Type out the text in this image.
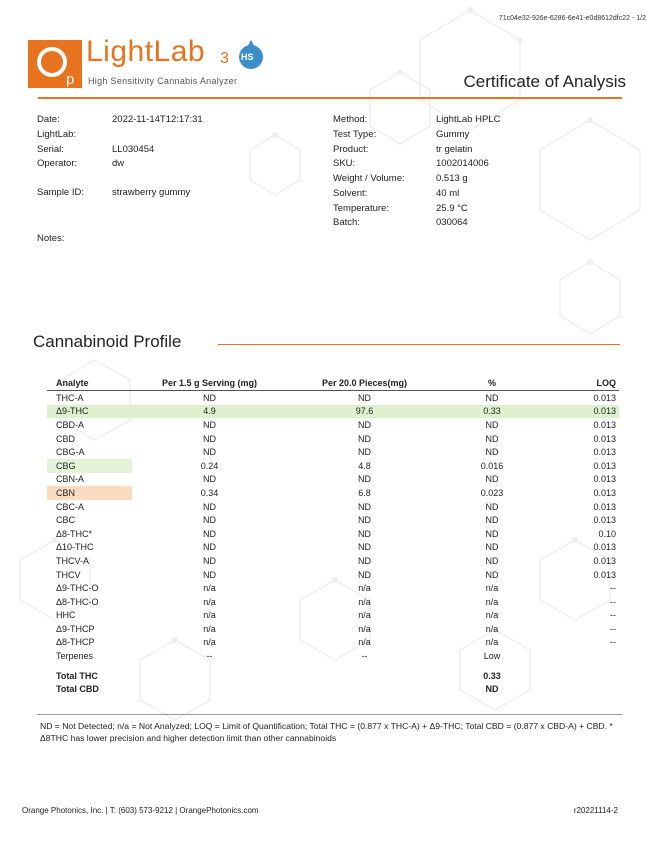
71c04e32-926e-6286-6e41-e0d8612dfc22 - 1/2
p
LightLab 3 HS
High Sensitivity Cannabis Analyzer	Certificate of Analysis
Date:	2022-11-14T12:17:31
LightLab:
Serial:	LL030454
Operator:	dw
Sample ID:	strawberry gummy
Notes:
Method:	LightLab HPLC
Test Type:	Gummy
Product:	tr gelatin
SKU:	1002014006
Weight / Volume:	0.513 g
Solvent:	40 ml
Temperature:	25.9 °C
Batch:	030064
Cannabinoid Profile
Analyte	Per 1.5 g Serving (mg)	Per 20.0 Pieces(mg)	%	LOQ
THC-A	ND	ND	ND	0.013
Δ9-THC	4.9	97.6	0.33	0.013
CBD-A	ND	ND	ND	0.013
CBD	ND	ND	ND	0.013
CBG-A	ND	ND	ND	0.013
CBG	0.24	4.8	0.016	0.013
CBN-A	ND	ND	ND	0.013
CBN	0.34	6.8	0.023	0.013
CBC-A	ND	ND	ND	0.013
CBC	ND	ND	ND	0.013
Δ8-THC*	ND	ND	ND	0.10
Δ10-THC	ND	ND	ND	0.013
THCV-A	ND	ND	ND	0.013
THCV	ND	ND	ND	0.013
Δ9-THC-O	n/a	n/a	n/a	--
Δ8-THC-O	n/a	n/a	n/a	--
HHC	n/a	n/a	n/a	--
Δ9-THCP	n/a	n/a	n/a	--
Δ8-THCP	n/a	n/a	n/a	--
Terpenes	--	--	Low	

Total THC			0.33	
Total CBD			ND	
ND = Not Detected; n/a = Not Analyzed; LOQ = Limit of Quantification; Total THC = (0.877 x THC-A) + Δ9-THC; Total CBD = (0.877 x CBD-A) + CBD. * Δ8THC has lower precision and higher detection limit than other cannabinoids
Orange Photonics, Inc. | T: (603) 573-9212 | OrangePhotonics.com	r20221114-2
